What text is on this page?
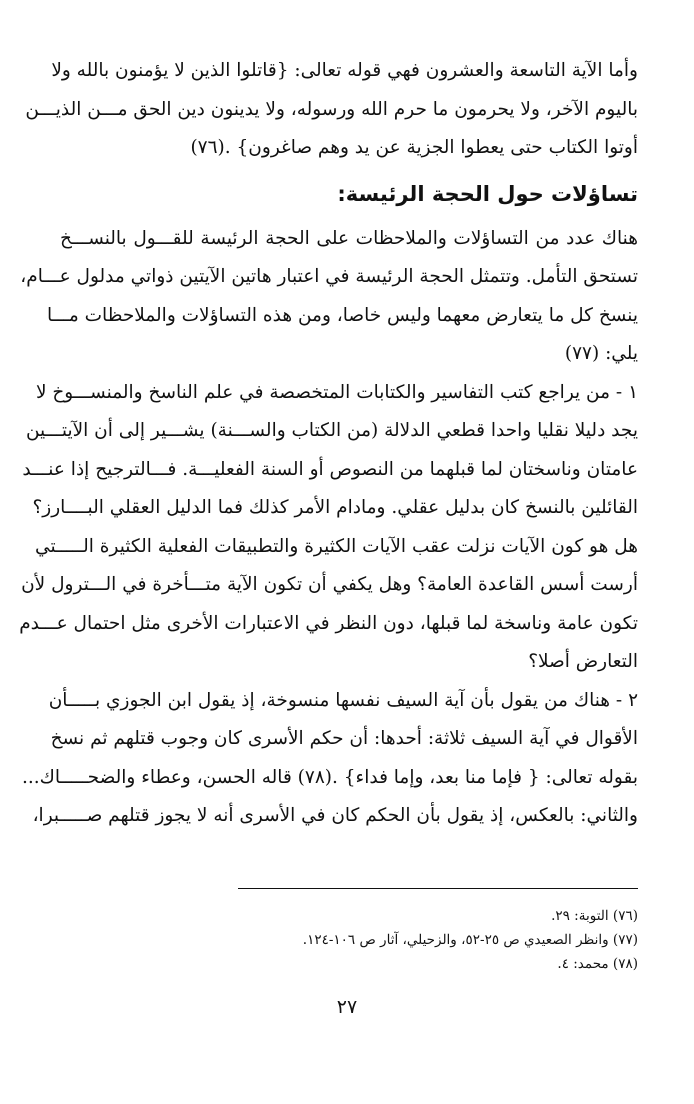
وأما الآية التاسعة والعشرون فهي قوله تعالى: {قاتلوا الذين لا يؤمنون بالله ولا
باليوم الآخر، ولا يحرمون ما حرم الله ورسوله، ولا يدينون دين الحق مـــن الذيـــن
أوتوا الكتاب حتى يعطوا الجزية عن يد وهم صاغرون} .(٧٦)
تساؤلات حول الحجة الرئيسة:
هناك عدد من التساؤلات والملاحظات على الحجة الرئيسة للقـــول بالنســـخ
تستحق التأمل. وتتمثل الحجة الرئيسة في اعتبار هاتين الآيتين ذواتي مدلول عـــام،
ينسخ كل ما يتعارض معهما وليس خاصا، ومن هذه التساؤلات والملاحظات مـــا
يلي: (٧٧)
١ - من يراجع كتب التفاسير والكتابات المتخصصة في علم الناسخ والمنســـوخ لا
يجد دليلا نقليا واحدا قطعي الدلالة (من الكتاب والســـنة) يشـــير إلى أن الآيتـــين
عامتان وناسختان لما قبلهما من النصوص أو السنة الفعليـــة. فـــالترجيح إذا عنـــد
القائلين بالنسخ كان بدليل عقلي. ومادام الأمر كذلك فما الدليل العقلي البــــارز؟
هل هو كون الآيات نزلت عقب الآيات الكثيرة والتطبيقات الفعلية الكثيرة الـــــتي
أرست أسس القاعدة العامة؟ وهل يكفي أن تكون الآية متـــأخرة في الـــترول لأن
تكون عامة وناسخة لما قبلها، دون النظر في الاعتبارات الأخرى مثل احتمال عـــدم
التعارض أصلا؟
٢ - هناك من يقول بأن آية السيف نفسها منسوخة، إذ يقول ابن الجوزي بـــــأن
الأقوال في آية السيف ثلاثة: أحدها: أن حكم الأسرى كان وجوب قتلهم ثم نسخ
بقوله تعالى: { فإما منا بعد، وإما فداء} .(٧٨) قاله الحسن، وعطاء والضحـــــاك...
والثاني: بالعكس، إذ يقول بأن الحكم كان في الأسرى أنه لا يجوز قتلهم صـــــبرا،
(٧٦) التوبة: ٢٩.
(٧٧) وانظر الصعيدي ص ٢٥-٥٢، والزحيلي، آثار ص ١٠٦-١٢٤.
(٧٨) محمد: ٤.
٢٧
